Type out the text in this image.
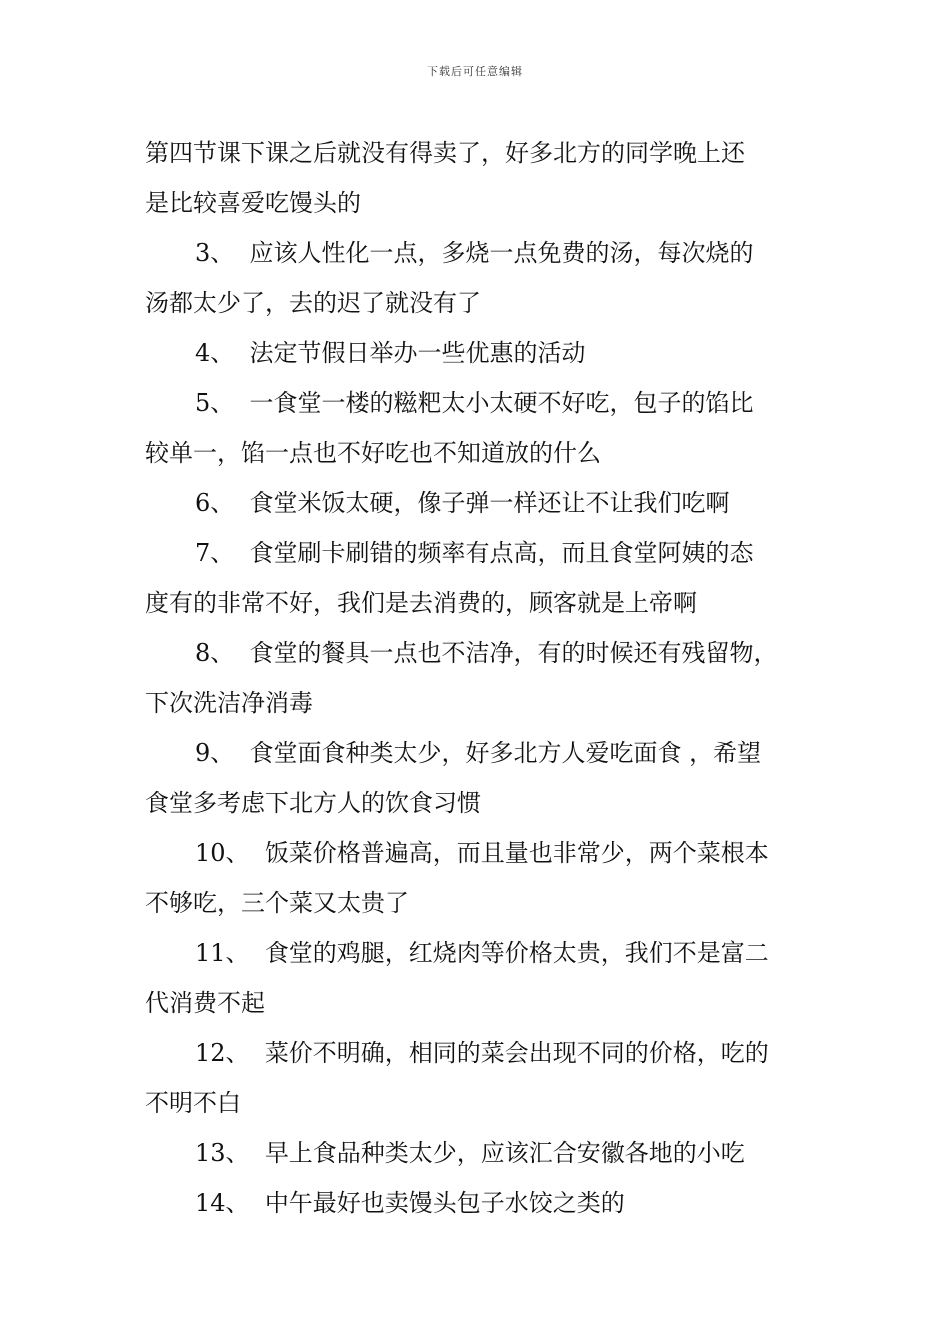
下载后可任意编辑
第四节课下课之后就没有得卖了，好多北方的同学晚上还
是比较喜爱吃馒头的
3、 应该人性化一点，多烧一点免费的汤，每次烧的
汤都太少了，去的迟了就没有了
4、 法定节假日举办一些优惠的活动
5、 一食堂一楼的糍粑太小太硬不好吃，包子的馅比
较单一，馅一点也不好吃也不知道放的什么
6、 食堂米饭太硬，像子弹一样还让不让我们吃啊
7、 食堂刷卡刷错的频率有点高，而且食堂阿姨的态
度有的非常不好，我们是去消费的，顾客就是上帝啊
8、 食堂的餐具一点也不洁净，有的时候还有残留物，
下次洗洁净消毒
9、 食堂面食种类太少，好多北方人爱吃面食 ，希望
食堂多考虑下北方人的饮食习惯
10、 饭菜价格普遍高，而且量也非常少，两个菜根本
不够吃，三个菜又太贵了
11、 食堂的鸡腿，红烧肉等价格太贵，我们不是富二
代消费不起
12、 菜价不明确，相同的菜会出现不同的价格，吃的
不明不白
13、 早上食品种类太少，应该汇合安徽各地的小吃
14、 中午最好也卖馒头包子水饺之类的
